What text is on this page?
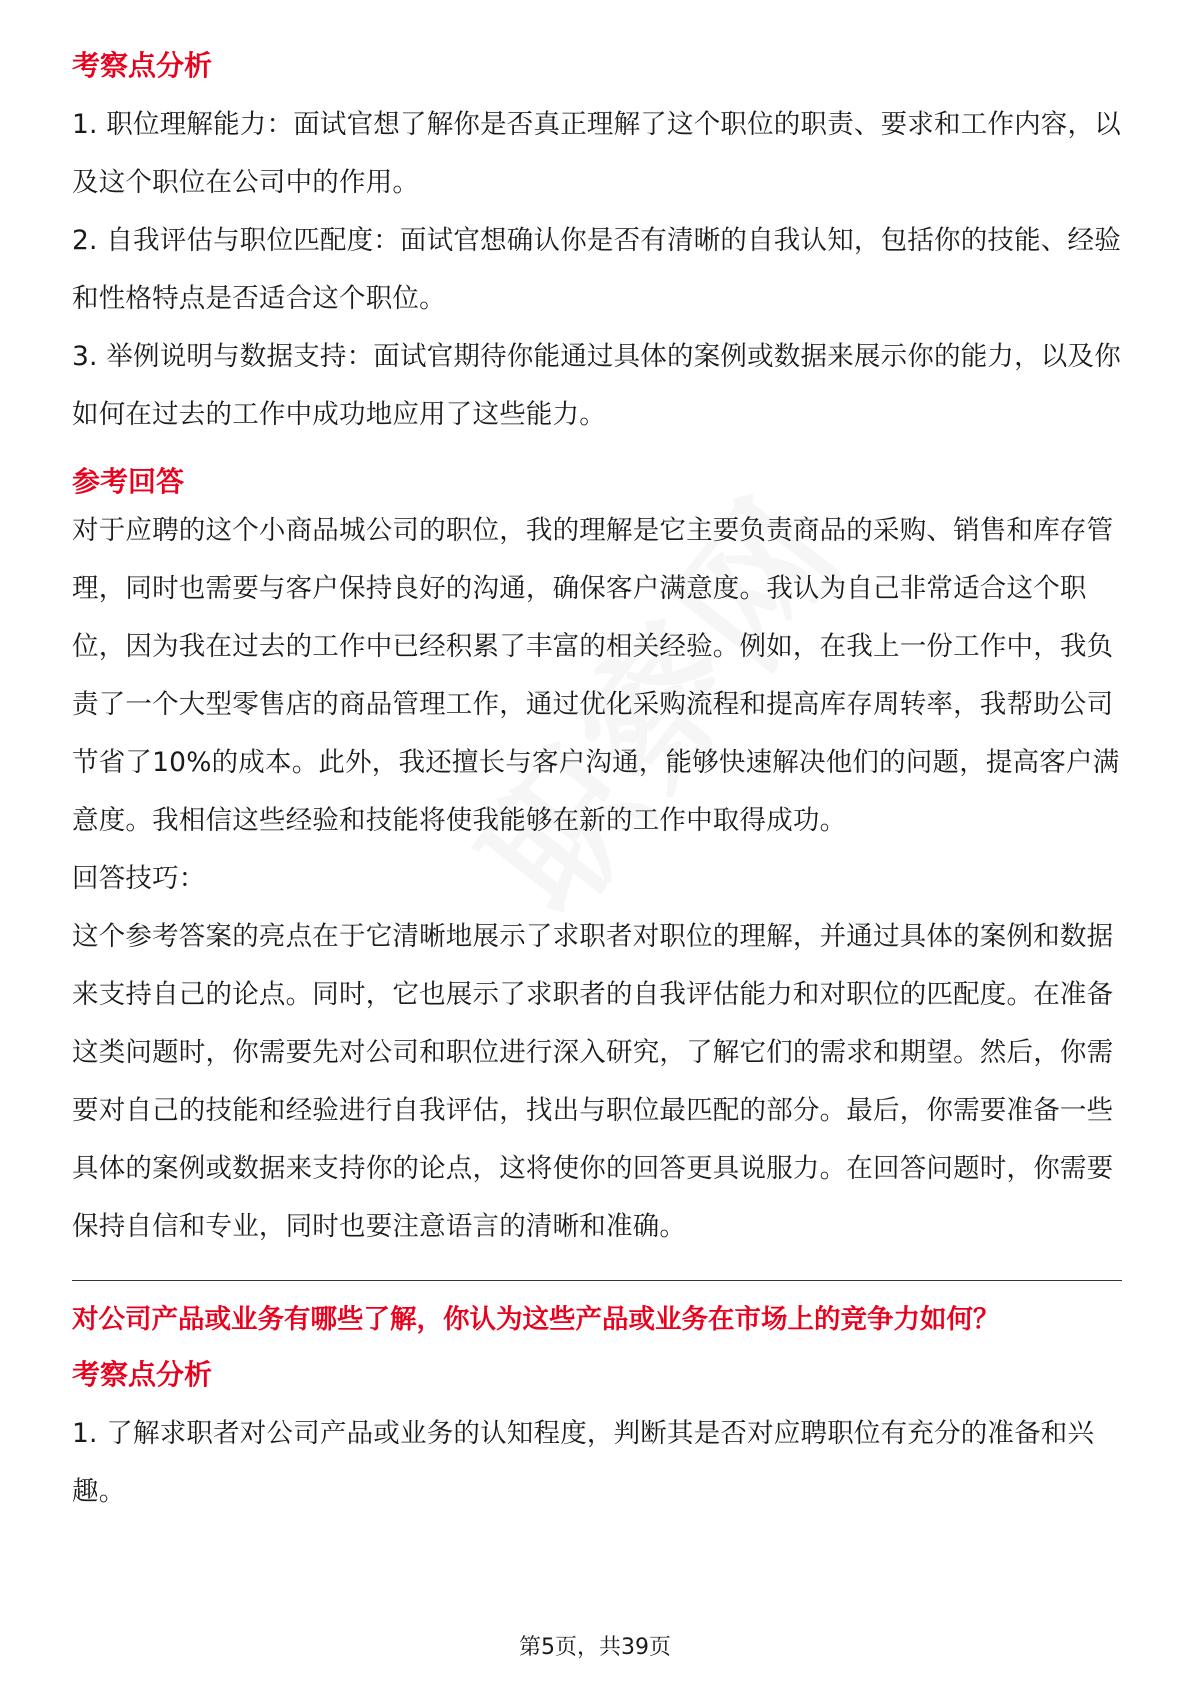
考察点分析

1. 职位理解能力：面试官想了解你是否真正理解了这个职位的职责、要求和工作内容，以及这个职位在公司中的作用。

2. 自我评估与职位匹配度：面试官想确认你是否有清晰的自我认知，包括你的技能、经验和性格特点是否适合这个职位。

3. 举例说明与数据支持：面试官期待你能通过具体的案例或数据来展示你的能力，以及你如何在过去的工作中成功地应用了这些能力。

参考回答

对于应聘的这个小商品城公司的职位，我的理解是它主要负责商品的采购、销售和库存管理，同时也需要与客户保持良好的沟通，确保客户满意度。我认为自己非常适合这个职位，因为我在过去的工作中已经积累了丰富的相关经验。例如，在我上一份工作中，我负责了一个大型零售店的商品管理工作，通过优化采购流程和提高库存周转率，我帮助公司节省了10%的成本。此外，我还擅长与客户沟通，能够快速解决他们的问题，提高客户满意度。我相信这些经验和技能将使我能够在新的工作中取得成功。

回答技巧：

这个参考答案的亮点在于它清晰地展示了求职者对职位的理解，并通过具体的案例和数据来支持自己的论点。同时，它也展示了求职者的自我评估能力和对职位的匹配度。在准备这类问题时，你需要先对公司和职位进行深入研究，了解它们的需求和期望。然后，你需要对自己的技能和经验进行自我评估，找出与职位最匹配的部分。最后，你需要准备一些具体的案例或数据来支持你的论点，这将使你的回答更具说服力。在回答问题时，你需要保持自信和专业，同时也要注意语言的清晰和准确。

对公司产品或业务有哪些了解，你认为这些产品或业务在市场上的竞争力如何？

考察点分析

1. 了解求职者对公司产品或业务的认知程度，判断其是否对应聘职位有充分的准备和兴趣。

第5页，共39页
